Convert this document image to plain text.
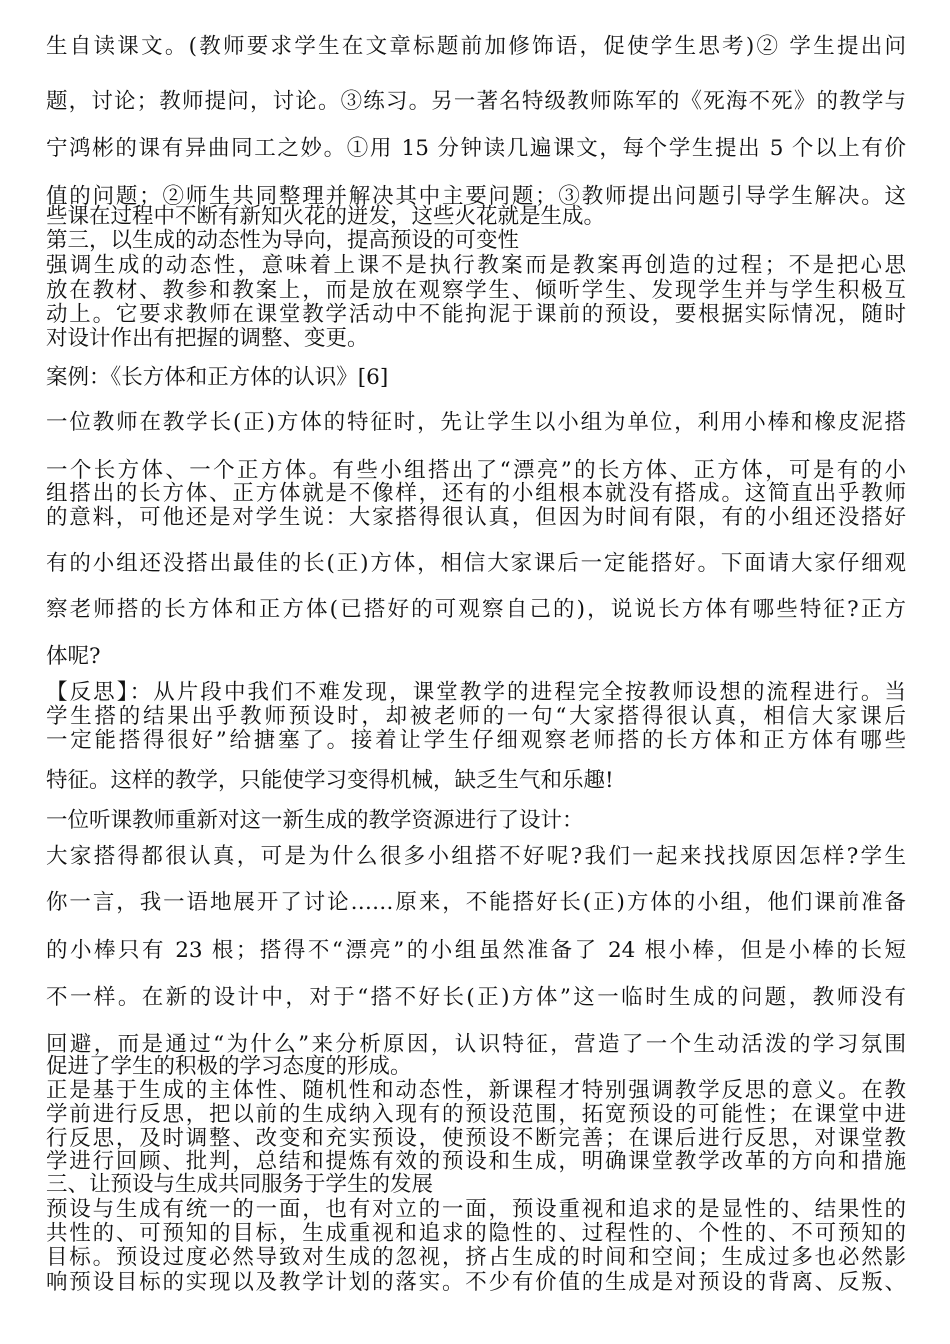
生自读课文。(教师要求学生在文章标题前加修饰语，促使学生思考)② 学生提出问
题，讨论；教师提问，讨论。③练习。另一著名特级教师陈军的《死海不死》的教学与
宁鸿彬的课有异曲同工之妙。①用 15 分钟读几遍课文，每个学生提出 5 个以上有价
值的问题；②师生共同整理并解决其中主要问题；③教师提出问题引导学生解决。这
些课在过程中不断有新知火花的迸发，这些火花就是生成。
第三，以生成的动态性为导向，提高预设的可变性
强调生成的动态性，意味着上课不是执行教案而是教案再创造的过程；不是把心思
放在教材、教参和教案上，而是放在观察学生、倾听学生、发现学生并与学生积极互
动上。它要求教师在课堂教学活动中不能拘泥于课前的预设，要根据实际情况，随时
对设计作出有把握的调整、变更。
案例：《长方体和正方体的认识》[6]
一位教师在教学长(正)方体的特征时，先让学生以小组为单位，利用小棒和橡皮泥搭
一个长方体、一个正方体。有些小组搭出了“漂亮”的长方体、正方体，可是有的小
组搭出的长方体、正方体就是不像样，还有的小组根本就没有搭成。这简直出乎教师
的意料，可他还是对学生说：大家搭得很认真，但因为时间有限，有的小组还没搭好
有的小组还没搭出最佳的长(正)方体，相信大家课后一定能搭好。下面请大家仔细观
察老师搭的长方体和正方体(已搭好的可观察自己的)，说说长方体有哪些特征?正方
体呢?
【反思】：从片段中我们不难发现，课堂教学的进程完全按教师设想的流程进行。当
学生搭的结果出乎教师预设时，却被老师的一句“大家搭得很认真，相信大家课后
一定能搭得很好”给搪塞了。接着让学生仔细观察老师搭的长方体和正方体有哪些
特征。这样的教学，只能使学习变得机械，缺乏生气和乐趣!
一位听课教师重新对这一新生成的教学资源进行了设计：
大家搭得都很认真，可是为什么很多小组搭不好呢?我们一起来找找原因怎样?学生
你一言，我一语地展开了讨论……原来，不能搭好长(正)方体的小组，他们课前准备
的小棒只有 23 根；搭得不“漂亮”的小组虽然准备了 24 根小棒，但是小棒的长短
不一样。在新的设计中，对于“搭不好长(正)方体”这一临时生成的问题，教师没有
回避，而是通过“为什么”来分析原因，认识特征，营造了一个生动活泼的学习氛围
促进了学生的积极的学习态度的形成。
正是基于生成的主体性、随机性和动态性，新课程才特别强调教学反思的意义。在教
学前进行反思，把以前的生成纳入现有的预设范围，拓宽预设的可能性；在课堂中进
行反思，及时调整、改变和充实预设，使预设不断完善；在课后进行反思，对课堂教
学进行回顾、批判，总结和提炼有效的预设和生成，明确课堂教学改革的方向和措施
三、让预设与生成共同服务于学生的发展
预设与生成有统一的一面，也有对立的一面，预设重视和追求的是显性的、结果性的
共性的、可预知的目标，生成重视和追求的隐性的、过程性的、个性的、不可预知的
目标。预设过度必然导致对生成的忽视，挤占生成的时间和空间；生成过多也必然影
响预设目标的实现以及教学计划的落实。不少有价值的生成是对预设的背离、反叛、
